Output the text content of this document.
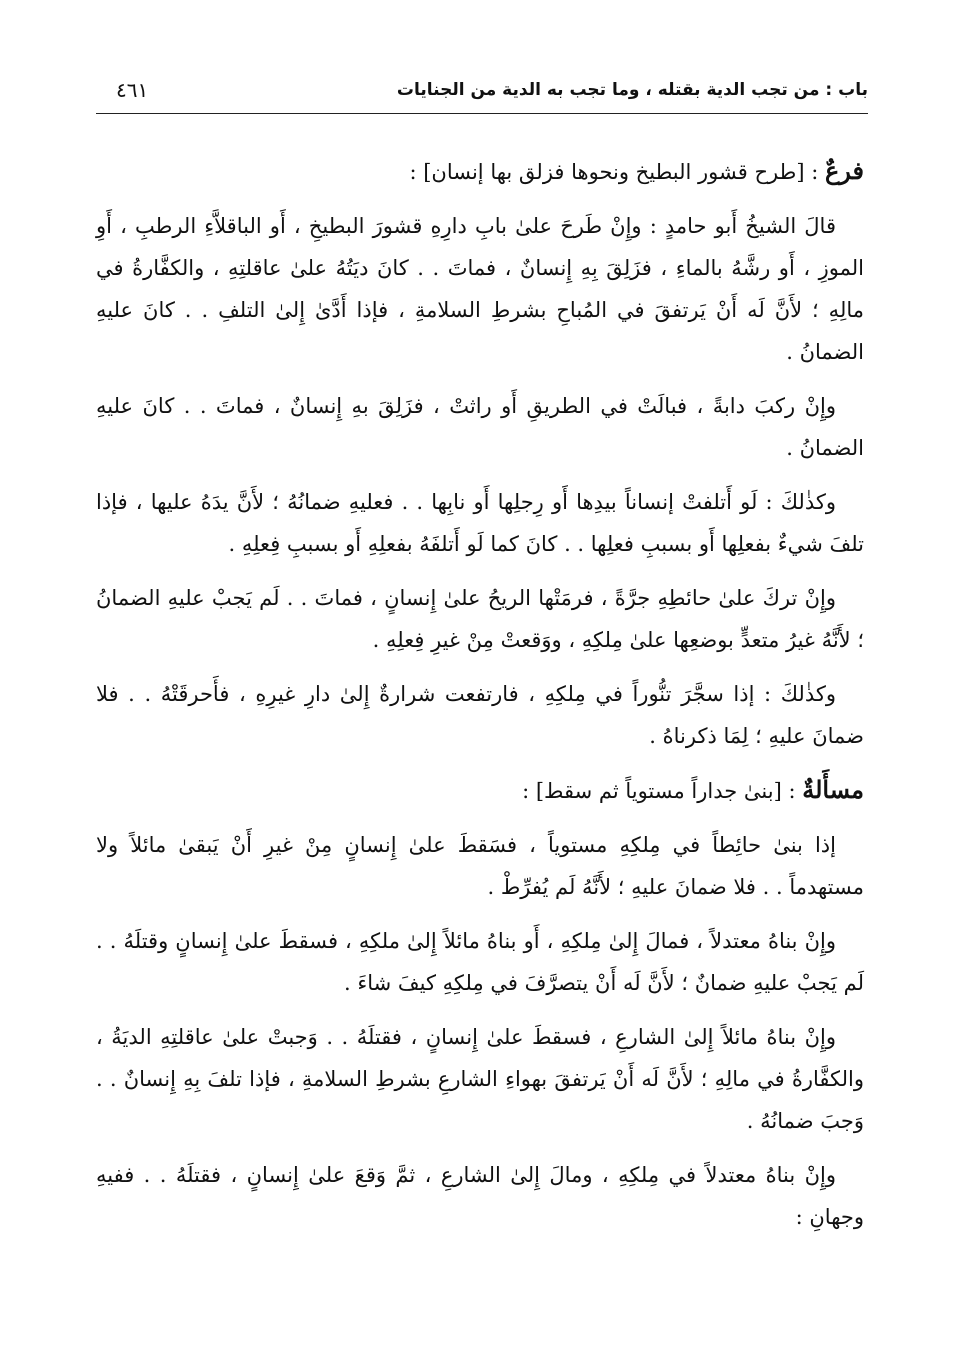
باب : من تجب الدية بقتله ، وما تجب به الدية من الجنايات
٤٦١
فرعٌ : [طرح قشور البطيخ ونحوها فزلق بها إنسان] :
قالَ الشيخُ أَبو حامدٍ : وإِنْ طَرحَ علىٰ بابِ دارِهِ قشورَ البطيخِ ، أَو الباقلاَّءِ الرطبِ ، أَوِ الموزِ ، أَو رشَّهُ بالماءِ ، فزَلِقَ بِهِ إِنسانٌ ، فماتَ . . كانَ ديَتُهُ علىٰ عاقلتِهِ ، والكفَّارةُ في مالِهِ ؛ لأَنَّ لَه أَنْ يَرتفقَ في المُباحِ بشرطِ السلامةِ ، فإذا أَدَّىٰ إِلىٰ التلفِ . . كانَ عليهِ الضمانُ .
وإِنْ ركبَ دابةً ، فبالَتْ في الطريقِ أَو راثتْ ، فزَلِقَ بهِ إِنسانٌ ، فماتَ . . كانَ عليهِ الضمانُ .
وكذٰلكَ : لَو أَتلفتْ إنساناً بيدِها أَو رِجلِها أَو نابِها . . فعليهِ ضمانُهُ ؛ لأَنَّ يدَهُ عليها ، فإذا تلفَ شيءٌ بفعلِها أَو بسببِ فعلِها . . كانَ كما لَو أَتلفَهُ بفعلِهِ أَو بسببِ فِعلِهِ .
وإِنْ تركَ علىٰ حائطِهِ جرَّةً ، فرمَتْها الريحُ علىٰ إِنسانٍ ، فماتَ . . لَم يَجبْ عليهِ الضمانُ ؛ لأَنَّهُ غيرُ متعدٍّ بوضعِها علىٰ مِلكِهِ ، ووَقعتْ مِنْ غيرِ فِعلِهِ .
وكذٰلكَ : إذا سجَّرَ تنُّوراً في مِلكِهِ ، فارتفعت شرارةٌ إِلىٰ دارِ غيرِهِ ، فأَحرقَتْهُ . . فلا ضمانَ عليهِ ؛ لِمَا ذكرناهُ .
مسأَلةٌ : [بنىٰ جداراً مستوياً ثم سقط] :
إذا بنىٰ حائِطاً في مِلكِهِ مستوياً ، فسَقطَ علىٰ إِنسانٍ مِنْ غيرِ أَنْ يَبقىٰ مائلاً ولا مستهدماً . . فلا ضمانَ عليهِ ؛ لأَنَّهُ لَم يُفرِّطْ .
وإِنْ بناهُ معتدلاً ، فمالَ إِلىٰ مِلكِهِ ، أَو بناهُ مائلاً إِلىٰ ملكِهِ ، فسقطَ علىٰ إِنسانٍ وقتلَهُ . . لَم يَجبْ عليهِ ضمانٌ ؛ لأَنَّ لَه أَنْ يتصرَّفَ في مِلكِهِ كيفَ شاءَ .
وإِنْ بناهُ مائلاً إِلىٰ الشارعِ ، فسقطَ علىٰ إِنسانٍ ، فقتلَهُ . . وَجبتْ علىٰ عاقلتِهِ الديَةُ ، والكفَّارةُ في مالِهِ ؛ لأَنَّ لَه أَنْ يَرتفقَ بهواءِ الشارعِ بشرطِ السلامةِ ، فإذا تلفَ بِهِ إِنسانٌ . . وَجبَ ضمانُهُ .
وإِنْ بناهُ معتدلاً في مِلكِهِ ، ومالَ إِلىٰ الشارعِ ، ثمَّ وَقعَ علىٰ إِنسانٍ ، فقتلَهُ . . ففيهِ وجهانِ :
